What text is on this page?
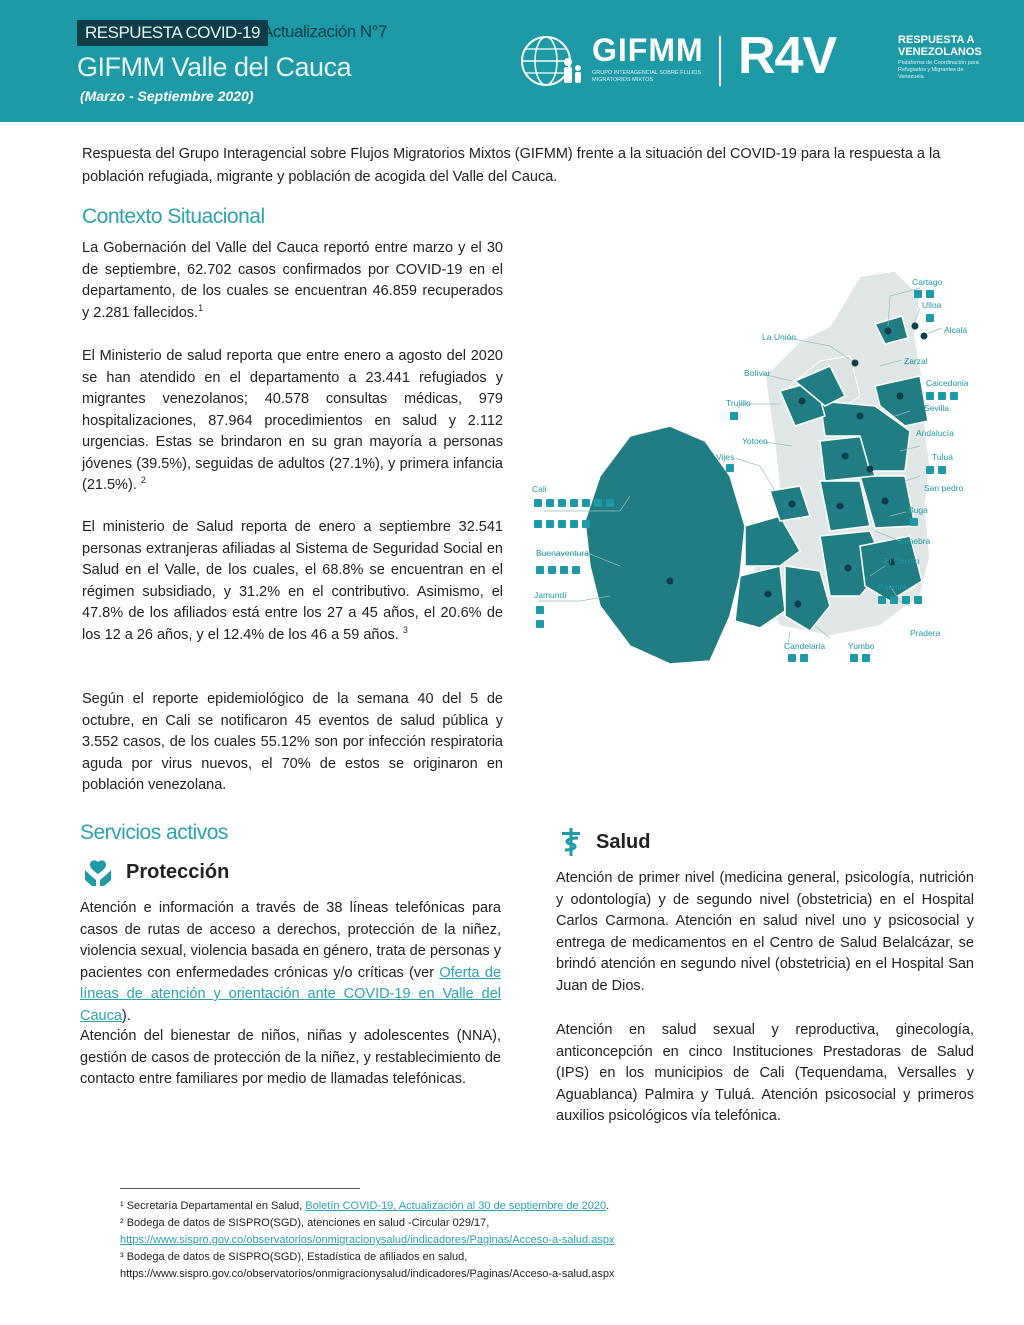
RESPUESTA COVID-19 Actualización N°7
GIFMM Valle del Cauca
(Marzo - Septiembre 2020)
GIFMM
GRUPO INTERAGENCIAL SOBRE FLUJOS MIGRATORIOS MIXTOS	R4V	RESPUESTA A
VENEZOLANOS
Plataforma de Coordinación para Refugiados y Migrantes de Venezuela

Respuesta del Grupo Interagencial sobre Flujos Migratorios Mixtos (GIFMM) frente a la situación del COVID-19 para la respuesta a la población refugiada, migrante y población de acogida del Valle del Cauca.

Contexto Situacional

La Gobernación del Valle del Cauca reportó entre marzo y el 30 de septiembre, 62.702 casos confirmados por COVID-19 en el departamento, de los cuales se encuentran 46.859 recuperados y 2.281 fallecidos.$^1$

El Ministerio de salud reporta que entre enero a agosto del 2020 se han atendido en el departamento a 23.441 refugiados y migrantes venezolanos; 40.578 consultas médicas, 979 hospitalizaciones, 87.964 procedimientos en salud y 2.112 urgencias. Estas se brindaron en su gran mayoría a personas jóvenes (39.5%), seguidas de adultos (27.1%), y primera infancia (21.5%). $^2$

El ministerio de Salud reporta de enero a septiembre 32.541 personas extranjeras afiliadas al Sistema de Seguridad Social en Salud en el Valle, de los cuales, el 68.8% se encuentran en el régimen subsidiado, y 31.2% en el contributivo. Asimismo, el 47.8% de los afiliados está entre los 27 a 45 años, el 20.6% de los 12 a 26 años, y el 12.4% de los 46 a 59 años. $^3$

Según el reporte epidemiológico de la semana 40 del 5 de octubre, en Cali se notificaron 45 eventos de salud pública y 3.552 casos, de los cuales 55.12% son por infección respiratoria aguda por virus nuevos, el 70% de estos se originaron en población venezolana.

Cartago
Ulloa
Alcalá
La Unión
Zarzal
Bolívar
Caicedonia
Trujillo	Sevilla
Andalucía
Yotoco
Vijes	Tuluá
Cali	San pedro
Buga
Buenaventura
Ginebra
El Cerrito
Jamundí
Palmira
Pradera
Candelaria	Yumbo
Servicios activos
Protección

Atención e información a través de 38 líneas telefónicas para casos de rutas de acceso a derechos, protección de la niñez, violencia sexual, violencia basada en género, trata de personas y pacientes con enfermedades crónicas y/o críticas (ver Oferta de líneas de atención y orientación ante COVID-19 en Valle del Cauca).

Atención del bienestar de niños, niñas y adolescentes (NNA), gestión de casos de protección de la niñez, y restablecimiento de contacto entre familiares por medio de llamadas telefónicas.

Salud

Atención de primer nivel (medicina general, psicología, nutrición y odontología) y de segundo nivel (obstetricia) en el Hospital Carlos Carmona. Atención en salud nivel uno y psicosocial y entrega de medicamentos en el Centro de Salud Belalcázar, se brindó atención en segundo nivel (obstetricia) en el Hospital San Juan de Dios.

Atención en salud sexual y reproductiva, ginecología, anticoncepción en cinco Instituciones Prestadoras de Salud (IPS) en los municipios de Cali (Tequendama, Versalles y Aguablanca) Palmira y Tuluá. Atención psicosocial y primeros auxilios psicológicos vía telefónica.

¹ Secretaría Departamental en Salud, Boletín COVID-19, Actualización al 30 de septiembre de 2020.
² Bodega de datos de SISPRO(SGD), atenciones en salud -Circular 029/17,
https://www.sispro.gov.co/observatorios/onmigracionysalud/indicadores/Paginas/Acceso-a-salud.aspx
³ Bodega de datos de SISPRO(SGD), Estadística de afiliados en salud,
https://www.sispro.gov.co/observatorios/onmigracionysalud/indicadores/Paginas/Acceso-a-salud.aspx
